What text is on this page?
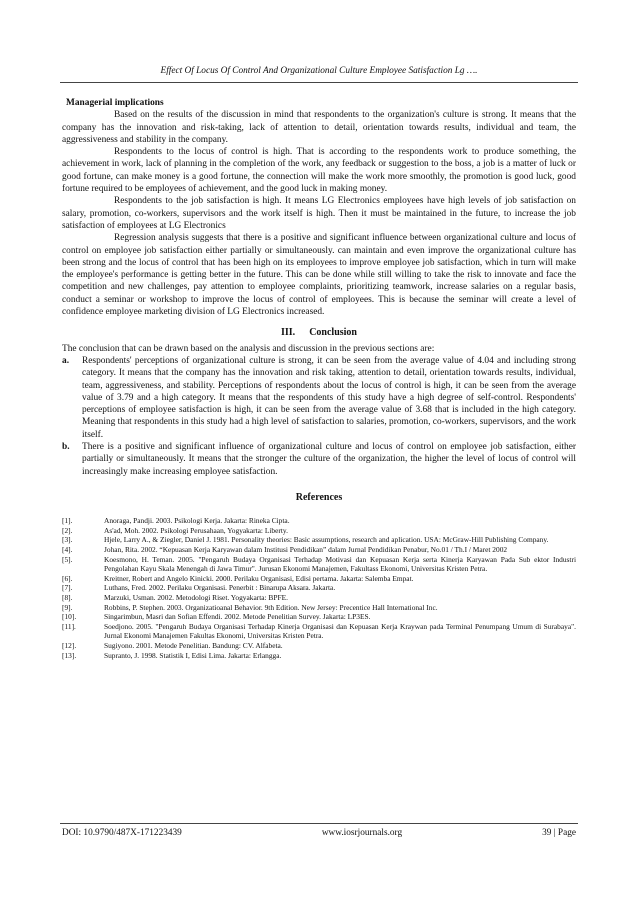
Effect Of Locus Of Control And Organizational Culture Employee Satisfaction Lg ….
Managerial implications

Based on the results of the discussion in mind that respondents to the organization's culture is strong. It means that the company has the innovation and risk-taking, lack of attention to detail, orientation towards results, individual and team, the aggressiveness and stability in the company.

Respondents to the locus of control is high. That is according to the respondents work to produce something, the achievement in work, lack of planning in the completion of the work, any feedback or suggestion to the boss, a job is a matter of luck or good fortune, can make money is a good fortune, the connection will make the work more smoothly, the promotion is good luck, good fortune required to be employees of achievement, and the good luck in making money.

Respondents to the job satisfaction is high. It means LG Electronics employees have high levels of job satisfaction on salary, promotion, co-workers, supervisors and the work itself is high. Then it must be maintained in the future, to increase the job satisfaction of employees at LG Electronics

Regression analysis suggests that there is a positive and significant influence between organizational culture and locus of control on employee job satisfaction either partially or simultaneously. can maintain and even improve the organizational culture has been strong and the locus of control that has been high on its employees to improve employee job satisfaction, which in turn will make the employee's performance is getting better in the future. This can be done while still willing to take the risk to innovate and face the competition and new challenges, pay attention to employee complaints, prioritizing teamwork, increase salaries on a regular basis, conduct a seminar or workshop to improve the locus of control of employees. This is because the seminar will create a level of confidence employee marketing division of LG Electronics increased.

III. Conclusion

The conclusion that can be drawn based on the analysis and discussion in the previous sections are:

a.	Respondents' perceptions of organizational culture is strong, it can be seen from the average value of 4.04 and including strong category. It means that the company has the innovation and risk taking, attention to detail, orientation towards results, individual, team, aggressiveness, and stability. Perceptions of respondents about the locus of control is high, it can be seen from the average value of 3.79 and a high category. It means that the respondents of this study have a high degree of self-control. Respondents' perceptions of employee satisfaction is high, it can be seen from the average value of 3.68 that is included in the high category. Meaning that respondents in this study had a high level of satisfaction to salaries, promotion, co-workers, supervisors, and the work itself.
b.	There is a positive and significant influence of organizational culture and locus of control on employee job satisfaction, either partially or simultaneously. It means that the stronger the culture of the organization, the higher the level of locus of control will increasingly make increasing employee satisfaction.
References
[1].	Anoraga, Pandji. 2003. Psikologi Kerja. Jakarta: Rineka Cipta.
[2].	As'ad, Moh. 2002. Psikologi Perusahaan, Yogyakarta: Liberty.
[3].	Hjele, Larry A., & Ziegler, Daniel J. 1981. Personality theories: Basic assumptions, research and aplication. USA: McGraw-Hill Publishing Company.
[4].	Johan, Rita. 2002. “Kepuasan Kerja Karyawan dalam Institusi Pendidikan” dalam Jurnal Pendidikan Penabur, No.01 / Th.I / Maret 2002
[5].	Koesmono, H. Teman. 2005. "Pengaruh Budaya Organisasi Terhadap Motivasi dan Kepuasan Kerja serta Kinerja Karyawan Pada Sub ektor Industri Pengolahan Kayu Skala Menengah di Jawa Timur". Jurusan Ekonomi Manajemen, Fakultass Ekonomi, Universitas Kristen Petra.
[6].	Kreitner, Robert and Angelo Kinicki. 2000. Perilaku Organisasi, Edisi pertama. Jakarta: Salemba Empat.
[7].	Luthans, Fred. 2002. Perilaku Organisasi. Penerbit : Binarupa Aksara. Jakarta.
[8].	Marzuki, Usman. 2002. Metodologi Riset. Yogyakarta: BPFE.
[9].	Robbins, P. Stephen. 2003. Organizatioanal Behavior. 9th Edition. New Jersey: Precentice Hall International Inc.
[10].	Singarimbun, Masri dan Sofian Effendi. 2002. Metode Penelitian Survey. Jakarta: LP3ES.
[11].	Soedjono. 2005. "Pengaruh Budaya Organisasi Terhadap Kinerja Organisasi dan Kepuasan Kerja Kraywan pada Terminal Penumpang Umum di Surabaya". Jurnal Ekonomi Manajemen Fakultas Ekonomi, Universitas Kristen Petra.
[12].	Sugiyono. 2001. Metode Penelitian. Bandung: CV. Alfabeta.
[13].	Supranto, J. 1998. Statistik I, Edisi Lima. Jakarta: Erlangga.
DOI: 10.9790/487X-171223439	www.iosrjournals.org	39 | Page
